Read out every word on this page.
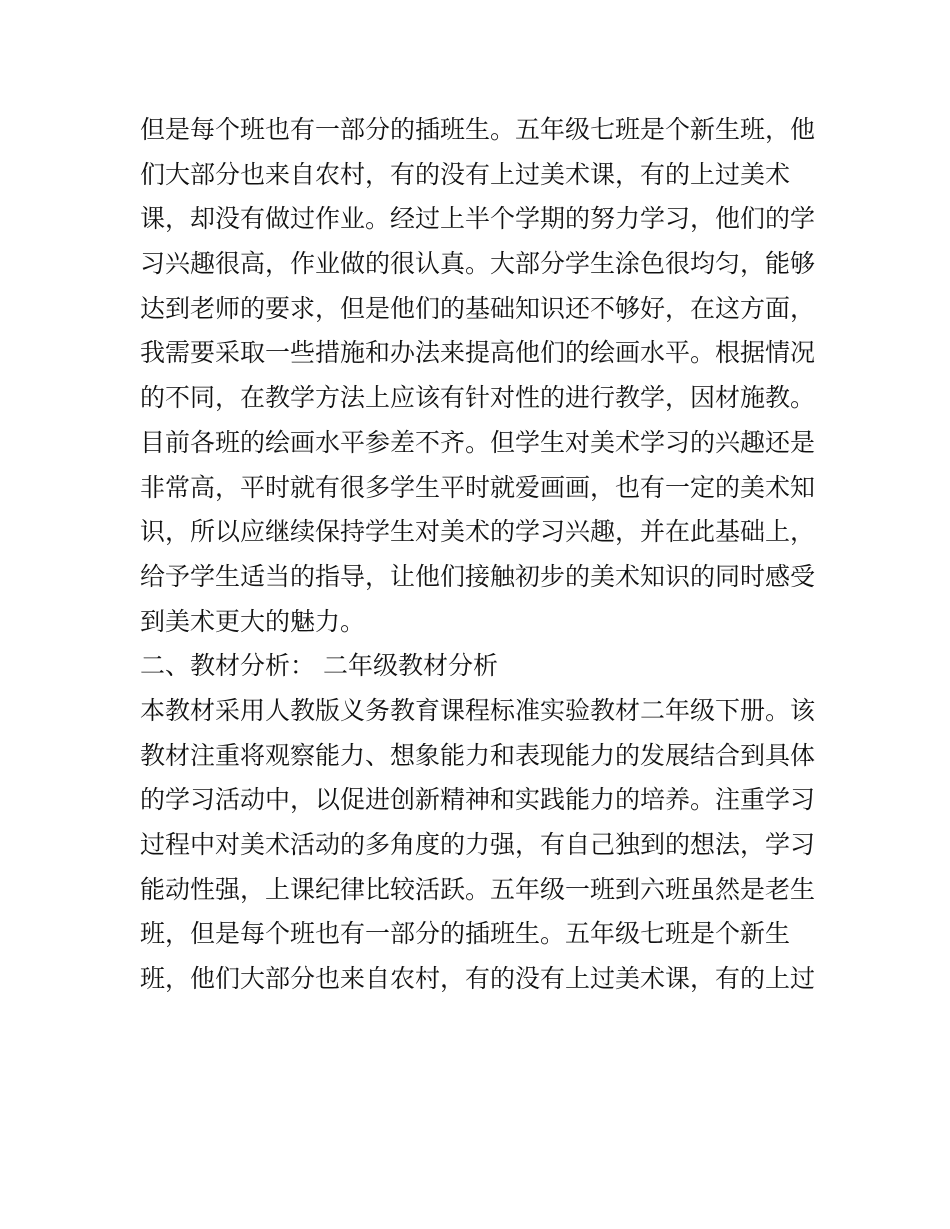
但是每个班也有一部分的插班生。五年级七班是个新生班，他
们大部分也来自农村，有的没有上过美术课，有的上过美术
课，却没有做过作业。经过上半个学期的努力学习，他们的学
习兴趣很高，作业做的很认真。大部分学生涂色很均匀，能够
达到老师的要求，但是他们的基础知识还不够好，在这方面，
我需要采取一些措施和办法来提高他们的绘画水平。根据情况
的不同，在教学方法上应该有针对性的进行教学，因材施教。
目前各班的绘画水平参差不齐。但学生对美术学习的兴趣还是
非常高，平时就有很多学生平时就爱画画，也有一定的美术知
识，所以应继续保持学生对美术的学习兴趣，并在此基础上，
给予学生适当的指导，让他们接触初步的美术知识的同时感受
到美术更大的魅力。
二、教材分析： 二年级教材分析
本教材采用人教版义务教育课程标准实验教材二年级下册。该
教材注重将观察能力、想象能力和表现能力的发展结合到具体
的学习活动中，以促进创新精神和实践能力的培养。注重学习
过程中对美术活动的多角度的力强，有自己独到的想法，学习
能动性强，上课纪律比较活跃。五年级一班到六班虽然是老生
班，但是每个班也有一部分的插班生。五年级七班是个新生
班，他们大部分也来自农村，有的没有上过美术课，有的上过
